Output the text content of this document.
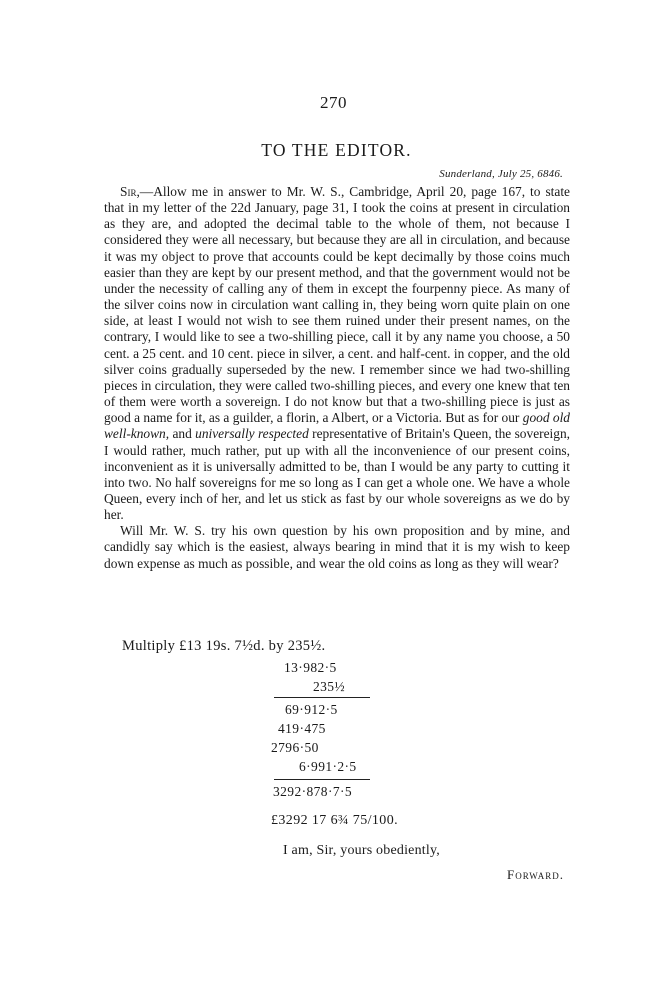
270
TO THE EDITOR.
Sunderland, July 25, 6846.

Sir,—Allow me in answer to Mr. W. S., Cambridge, April 20, page 167, to state that in my letter of the 22d January, page 31, I took the coins at present in circulation as they are, and adopted the decimal table to the whole of them, not because I considered they were all necessary, but because they are all in circulation, and because it was my object to prove that accounts could be kept decimally by those coins much easier than they are kept by our present method, and that the government would not be under the necessity of calling any of them in except the fourpenny piece. As many of the silver coins now in circulation want calling in, they being worn quite plain on one side, at least I would not wish to see them ruined under their present names, on the contrary, I would like to see a two-shilling piece, call it by any name you choose, a 50 cent. a 25 cent. and 10 cent. piece in silver, a cent. and half-cent. in copper, and the old silver coins gradually superseded by the new. I remember since we had two-shilling pieces in circulation, they were called two-shilling pieces, and every one knew that ten of them were worth a sovereign. I do not know but that a two-shilling piece is just as good a name for it, as a guilder, a florin, a Albert, or a Victoria. But as for our good old well-known, and universally respected representative of Britain's Queen, the sovereign, I would rather, much rather, put up with all the inconvenience of our present coins, inconvenient as it is universally admitted to be, than I would be any party to cutting it into two. No half sovereigns for me so long as I can get a whole one. We have a whole Queen, every inch of her, and let us stick as fast by our whole sovereigns as we do by her.

Will Mr. W. S. try his own question by his own proposition and by mine, and candidly say which is the easiest, always bearing in mind that it is my wish to keep down expense as much as possible, and wear the old coins as long as they will wear?

Multiply £13 19s. 7½d. by 235½.
13·982·5
235½
69·912·5
419·475
2796·50
6·991·2·5
3292·878·7·5
£3292 17 6¾ 75/100.
I am, Sir, yours obediently,
Forward.
